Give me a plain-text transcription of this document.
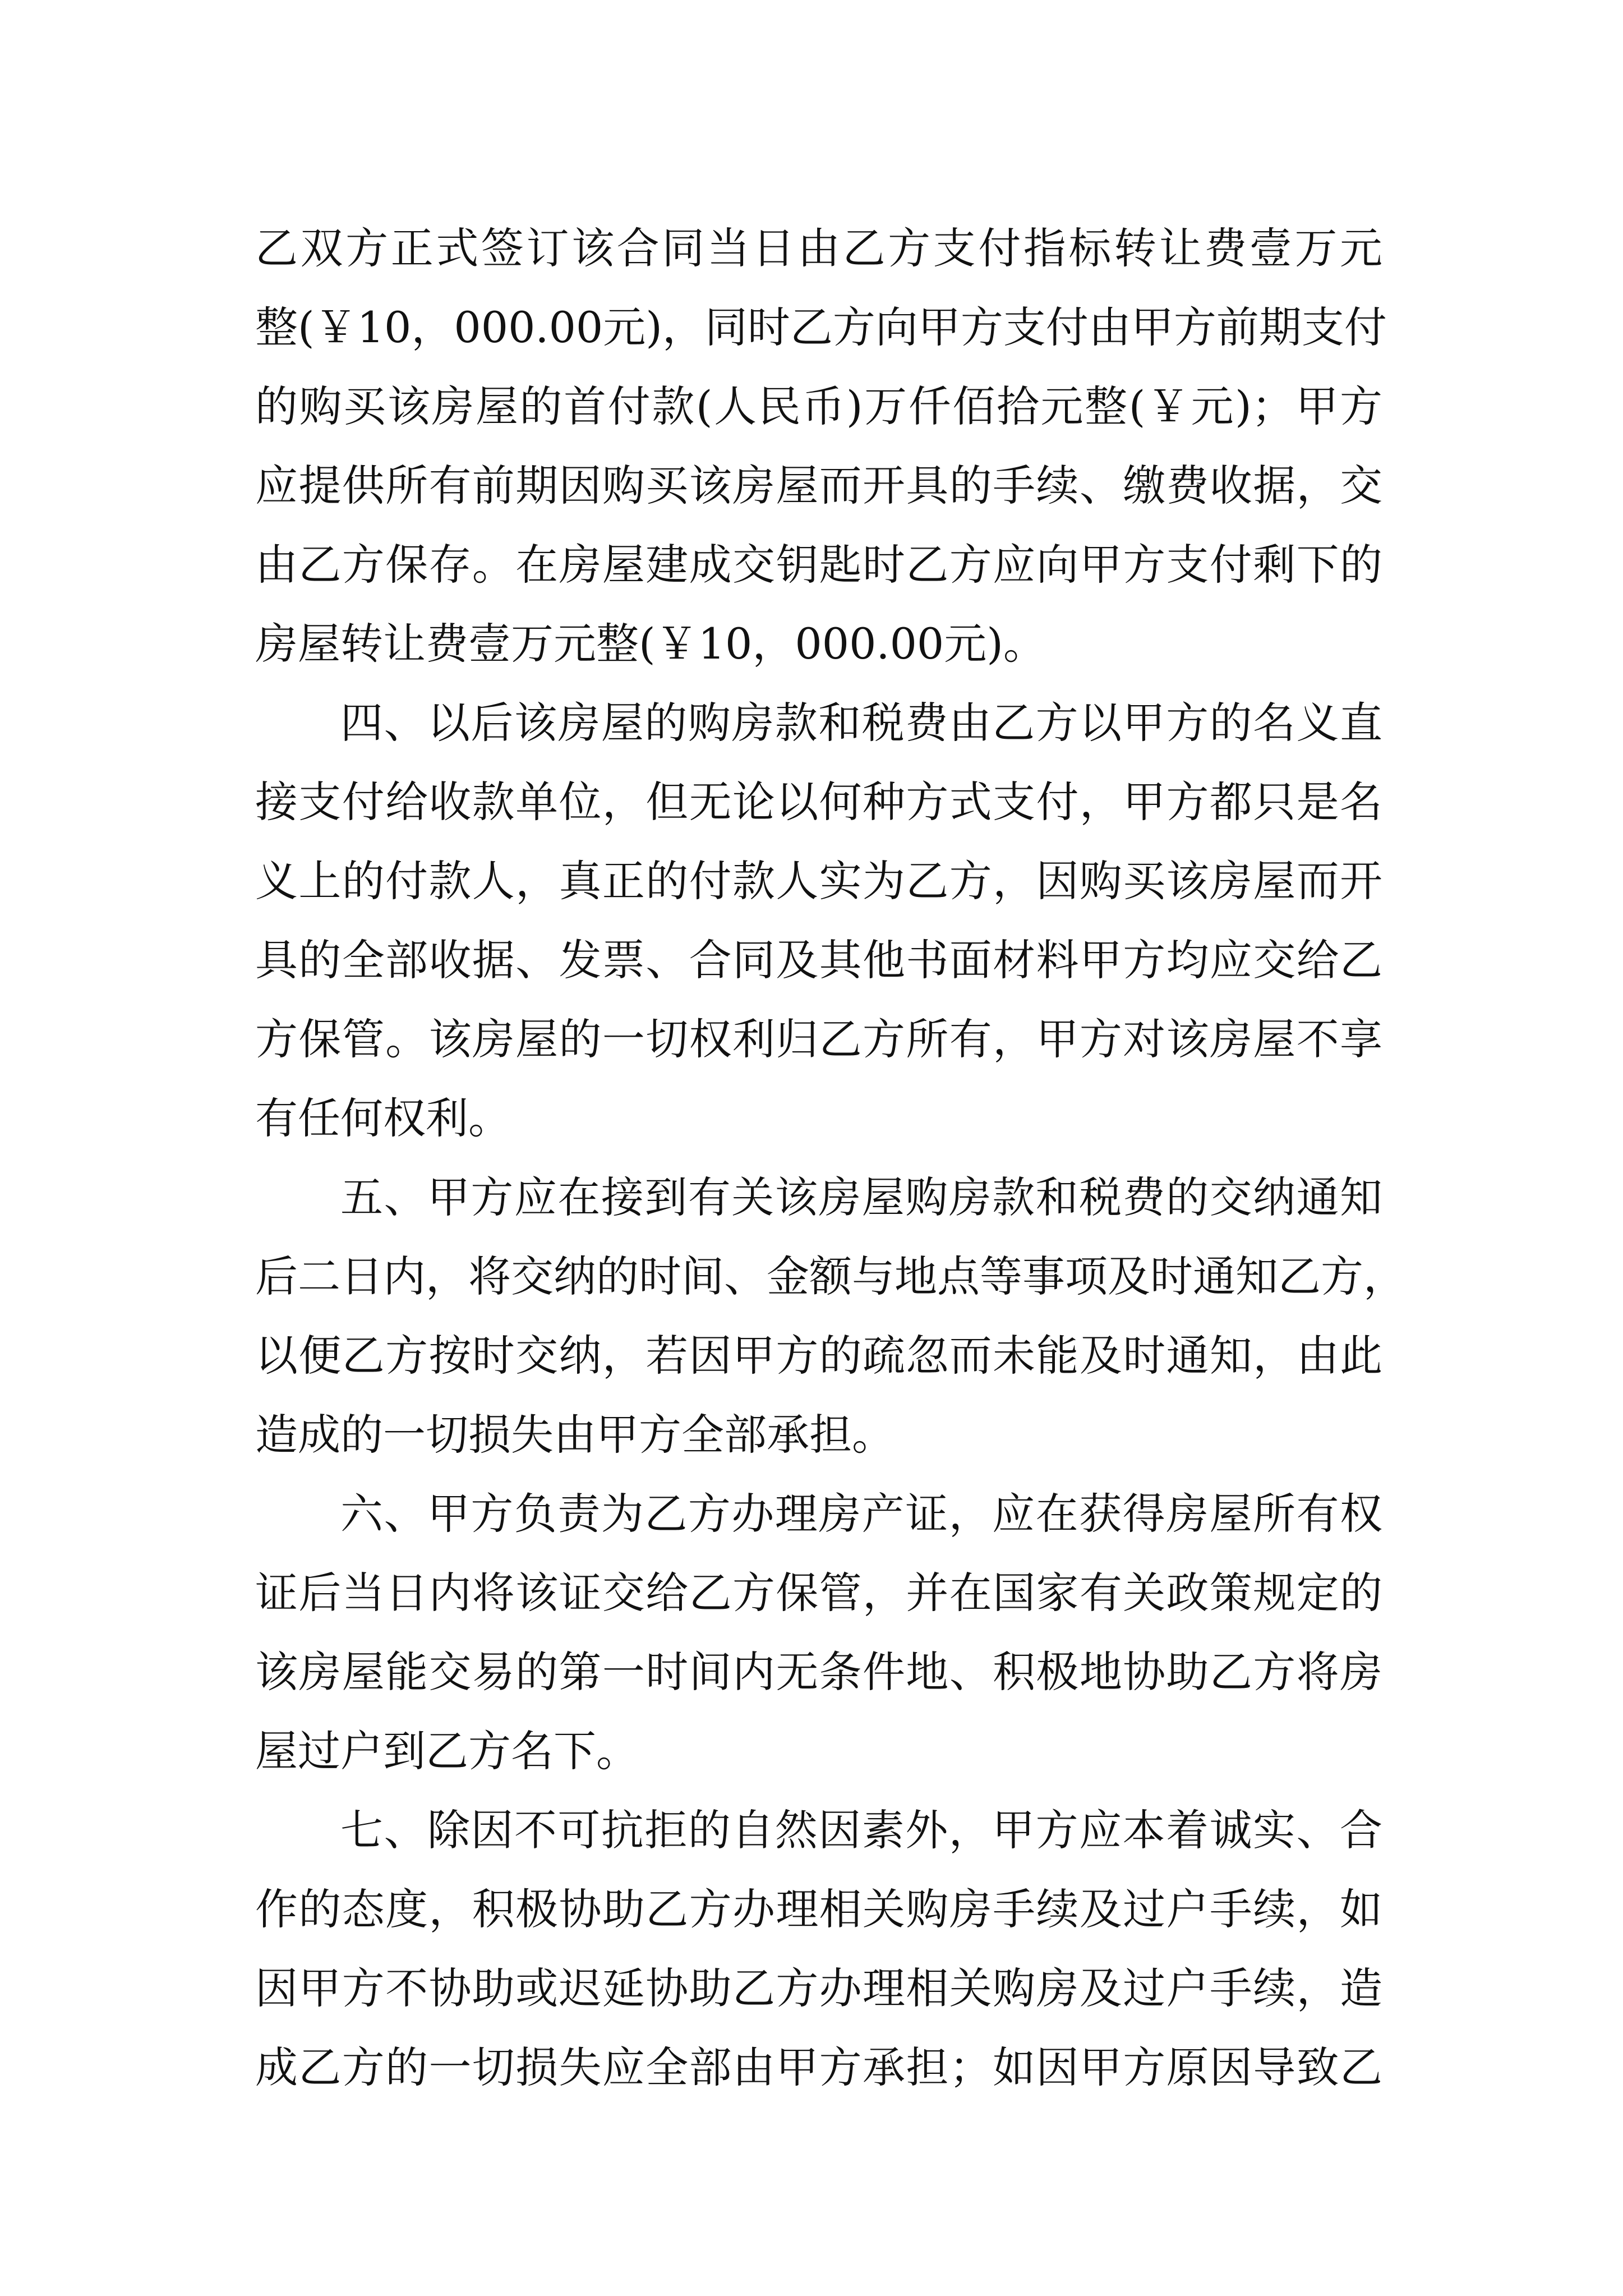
乙双方正式签订该合同当日由乙方支付指标转让费壹万元
整(￥10，000.00元)，同时乙方向甲方支付由甲方前期支付
的购买该房屋的首付款(人民币)万仟佰拾元整(￥元)；甲方
应提供所有前期因购买该房屋而开具的手续、缴费收据，交
由乙方保存。在房屋建成交钥匙时乙方应向甲方支付剩下的
房屋转让费壹万元整(￥10，000.00元)。
四、以后该房屋的购房款和税费由乙方以甲方的名义直
接支付给收款单位，但无论以何种方式支付，甲方都只是名
义上的付款人，真正的付款人实为乙方，因购买该房屋而开
具的全部收据、发票、合同及其他书面材料甲方均应交给乙
方保管。该房屋的一切权利归乙方所有，甲方对该房屋不享
有任何权利。
五、甲方应在接到有关该房屋购房款和税费的交纳通知
后二日内，将交纳的时间、金额与地点等事项及时通知乙方，
以便乙方按时交纳，若因甲方的疏忽而未能及时通知，由此
造成的一切损失由甲方全部承担。
六、甲方负责为乙方办理房产证，应在获得房屋所有权
证后当日内将该证交给乙方保管，并在国家有关政策规定的
该房屋能交易的第一时间内无条件地、积极地协助乙方将房
屋过户到乙方名下。
七、除因不可抗拒的自然因素外，甲方应本着诚实、合
作的态度，积极协助乙方办理相关购房手续及过户手续，如
因甲方不协助或迟延协助乙方办理相关购房及过户手续，造
成乙方的一切损失应全部由甲方承担；如因甲方原因导致乙
